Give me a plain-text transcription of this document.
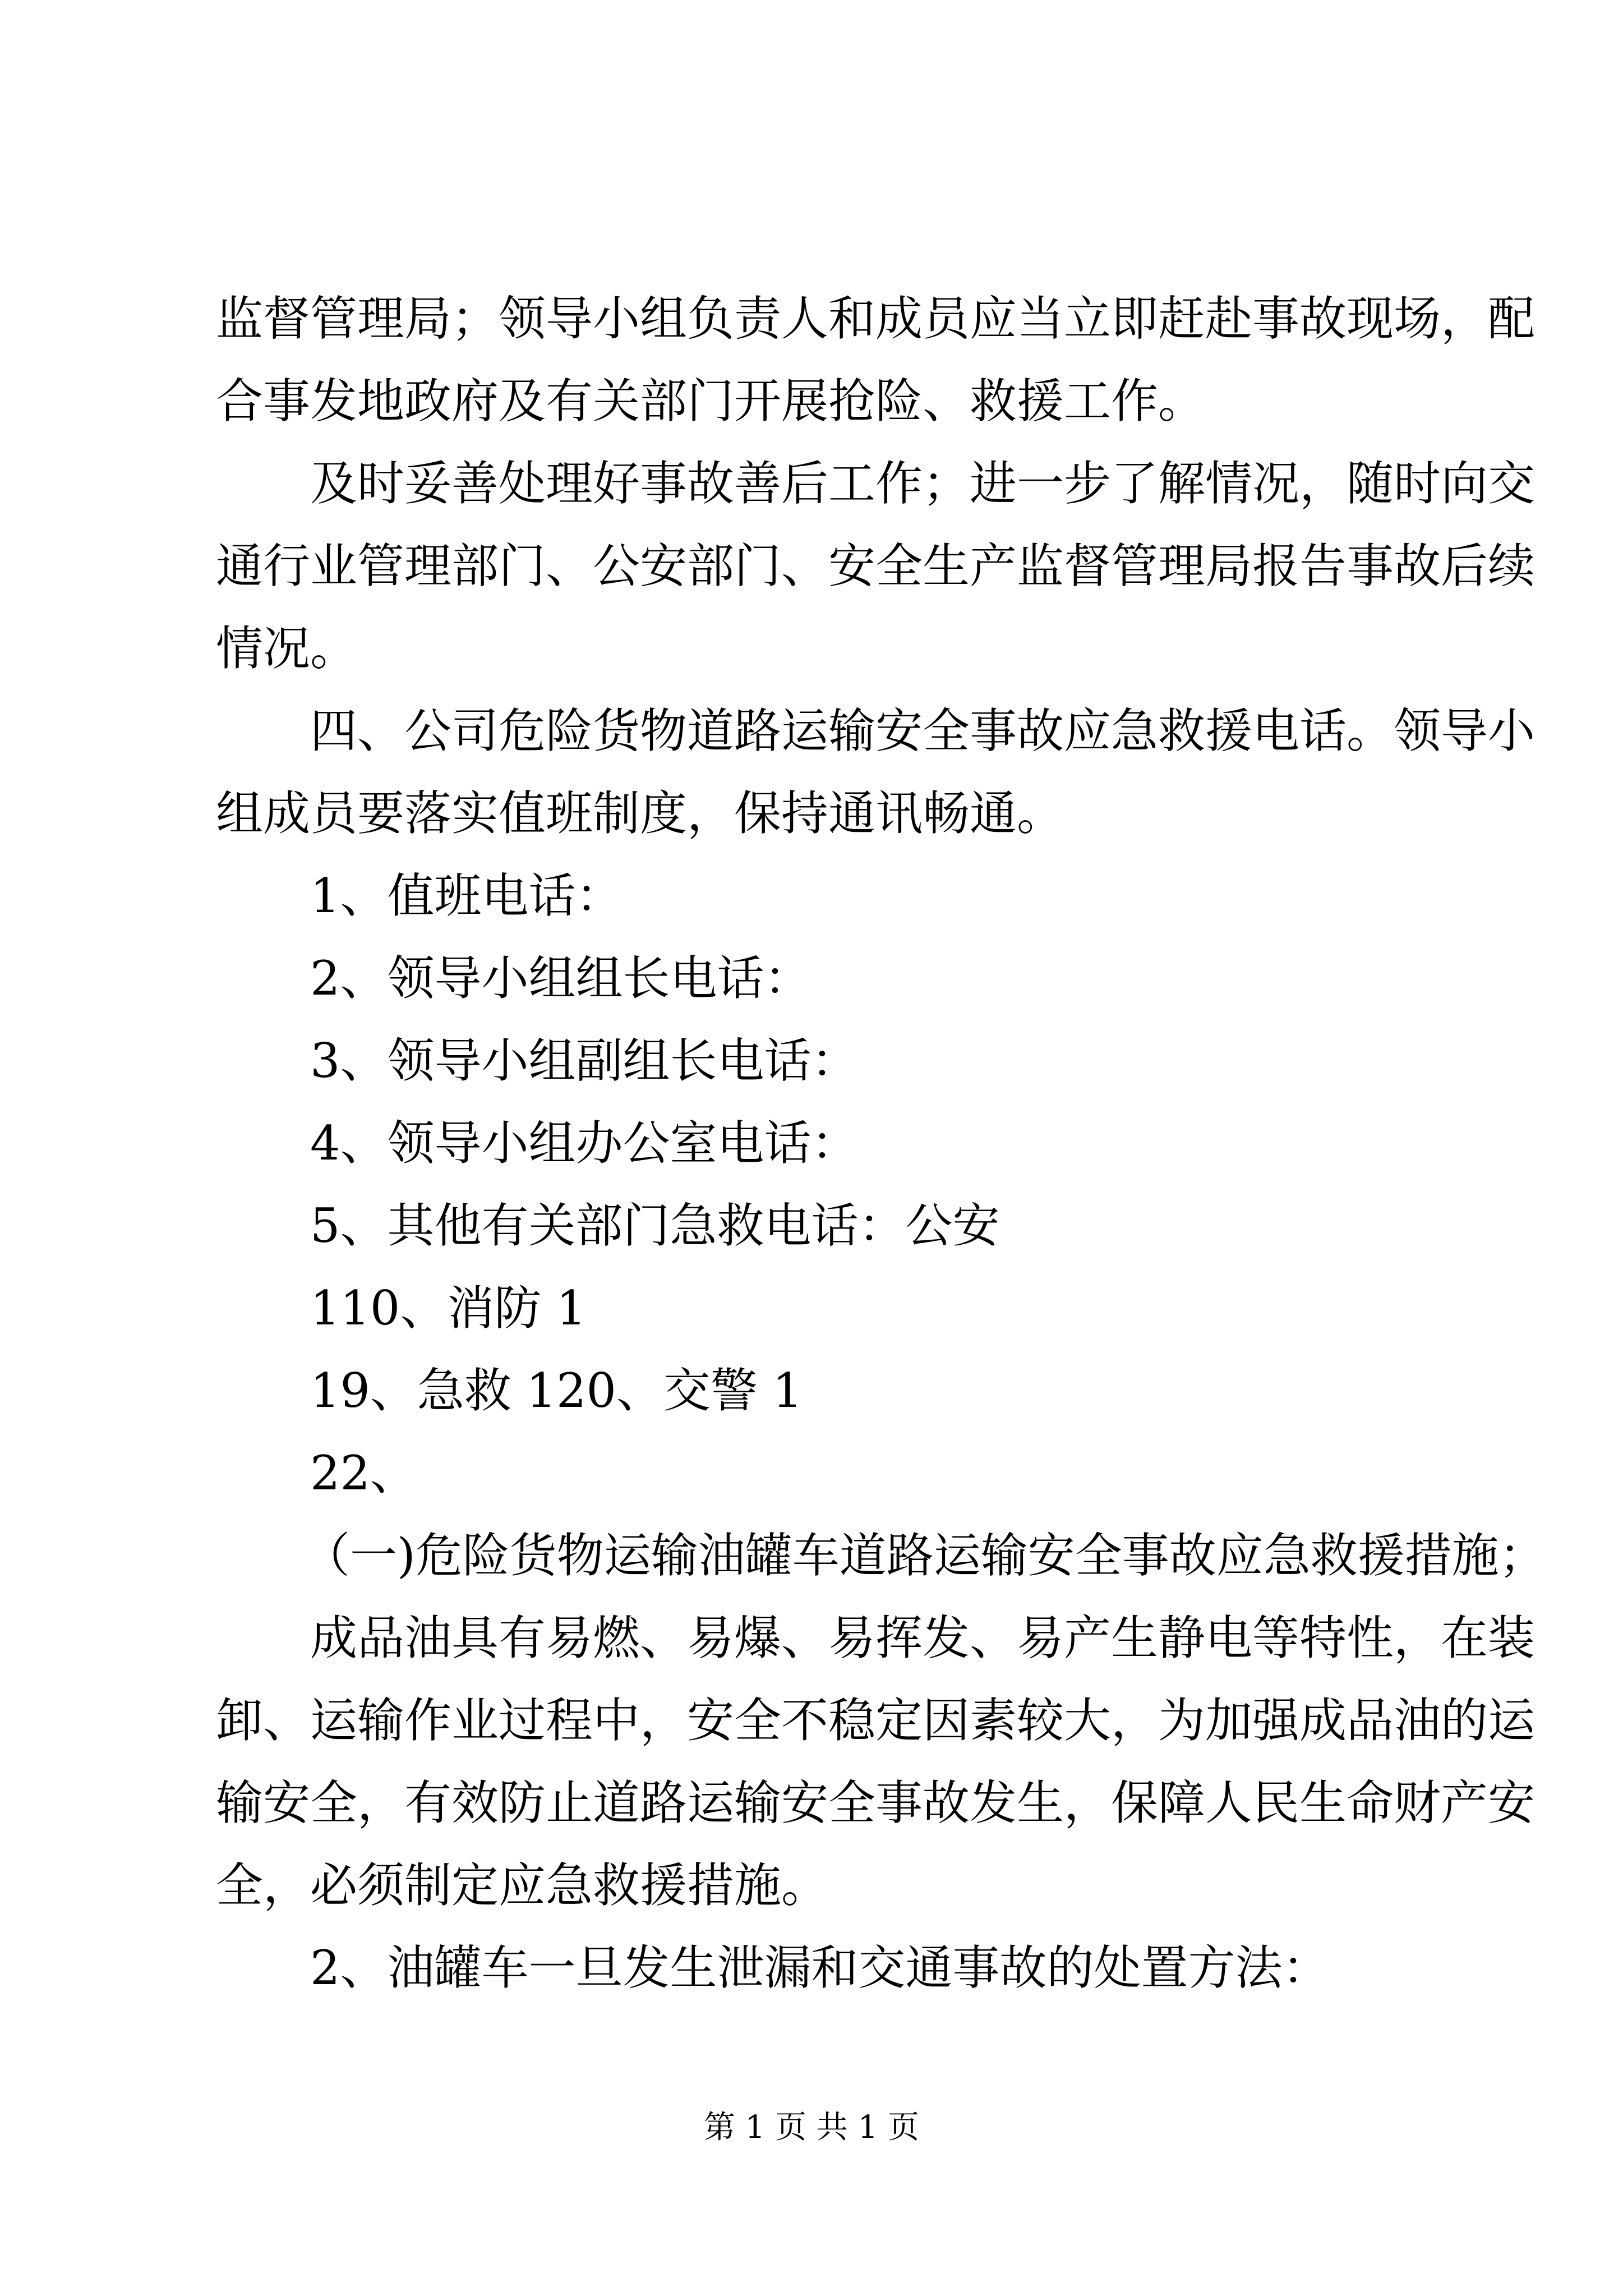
监督管理局；领导小组负责人和成员应当立即赶赴事故现场，配
合事发地政府及有关部门开展抢险、救援工作。
及时妥善处理好事故善后工作；进一步了解情况，随时向交
通行业管理部门、公安部门、安全生产监督管理局报告事故后续
情况。
四、公司危险货物道路运输安全事故应急救援电话。领导小
组成员要落实值班制度，保持通讯畅通。
1、值班电话：
2、领导小组组长电话：
3、领导小组副组长电话：
4、领导小组办公室电话：
5、其他有关部门急救电话：公安
110、消防 1
19、急救 120、交警 1
22、
（一)危险货物运输油罐车道路运输安全事故应急救援措施；
成品油具有易燃、易爆、易挥发、易产生静电等特性，在装
卸、运输作业过程中，安全不稳定因素较大，为加强成品油的运
输安全，有效防止道路运输安全事故发生，保障人民生命财产安
全，必须制定应急救援措施。
2、油罐车一旦发生泄漏和交通事故的处置方法：
第 1 页 共 1 页
